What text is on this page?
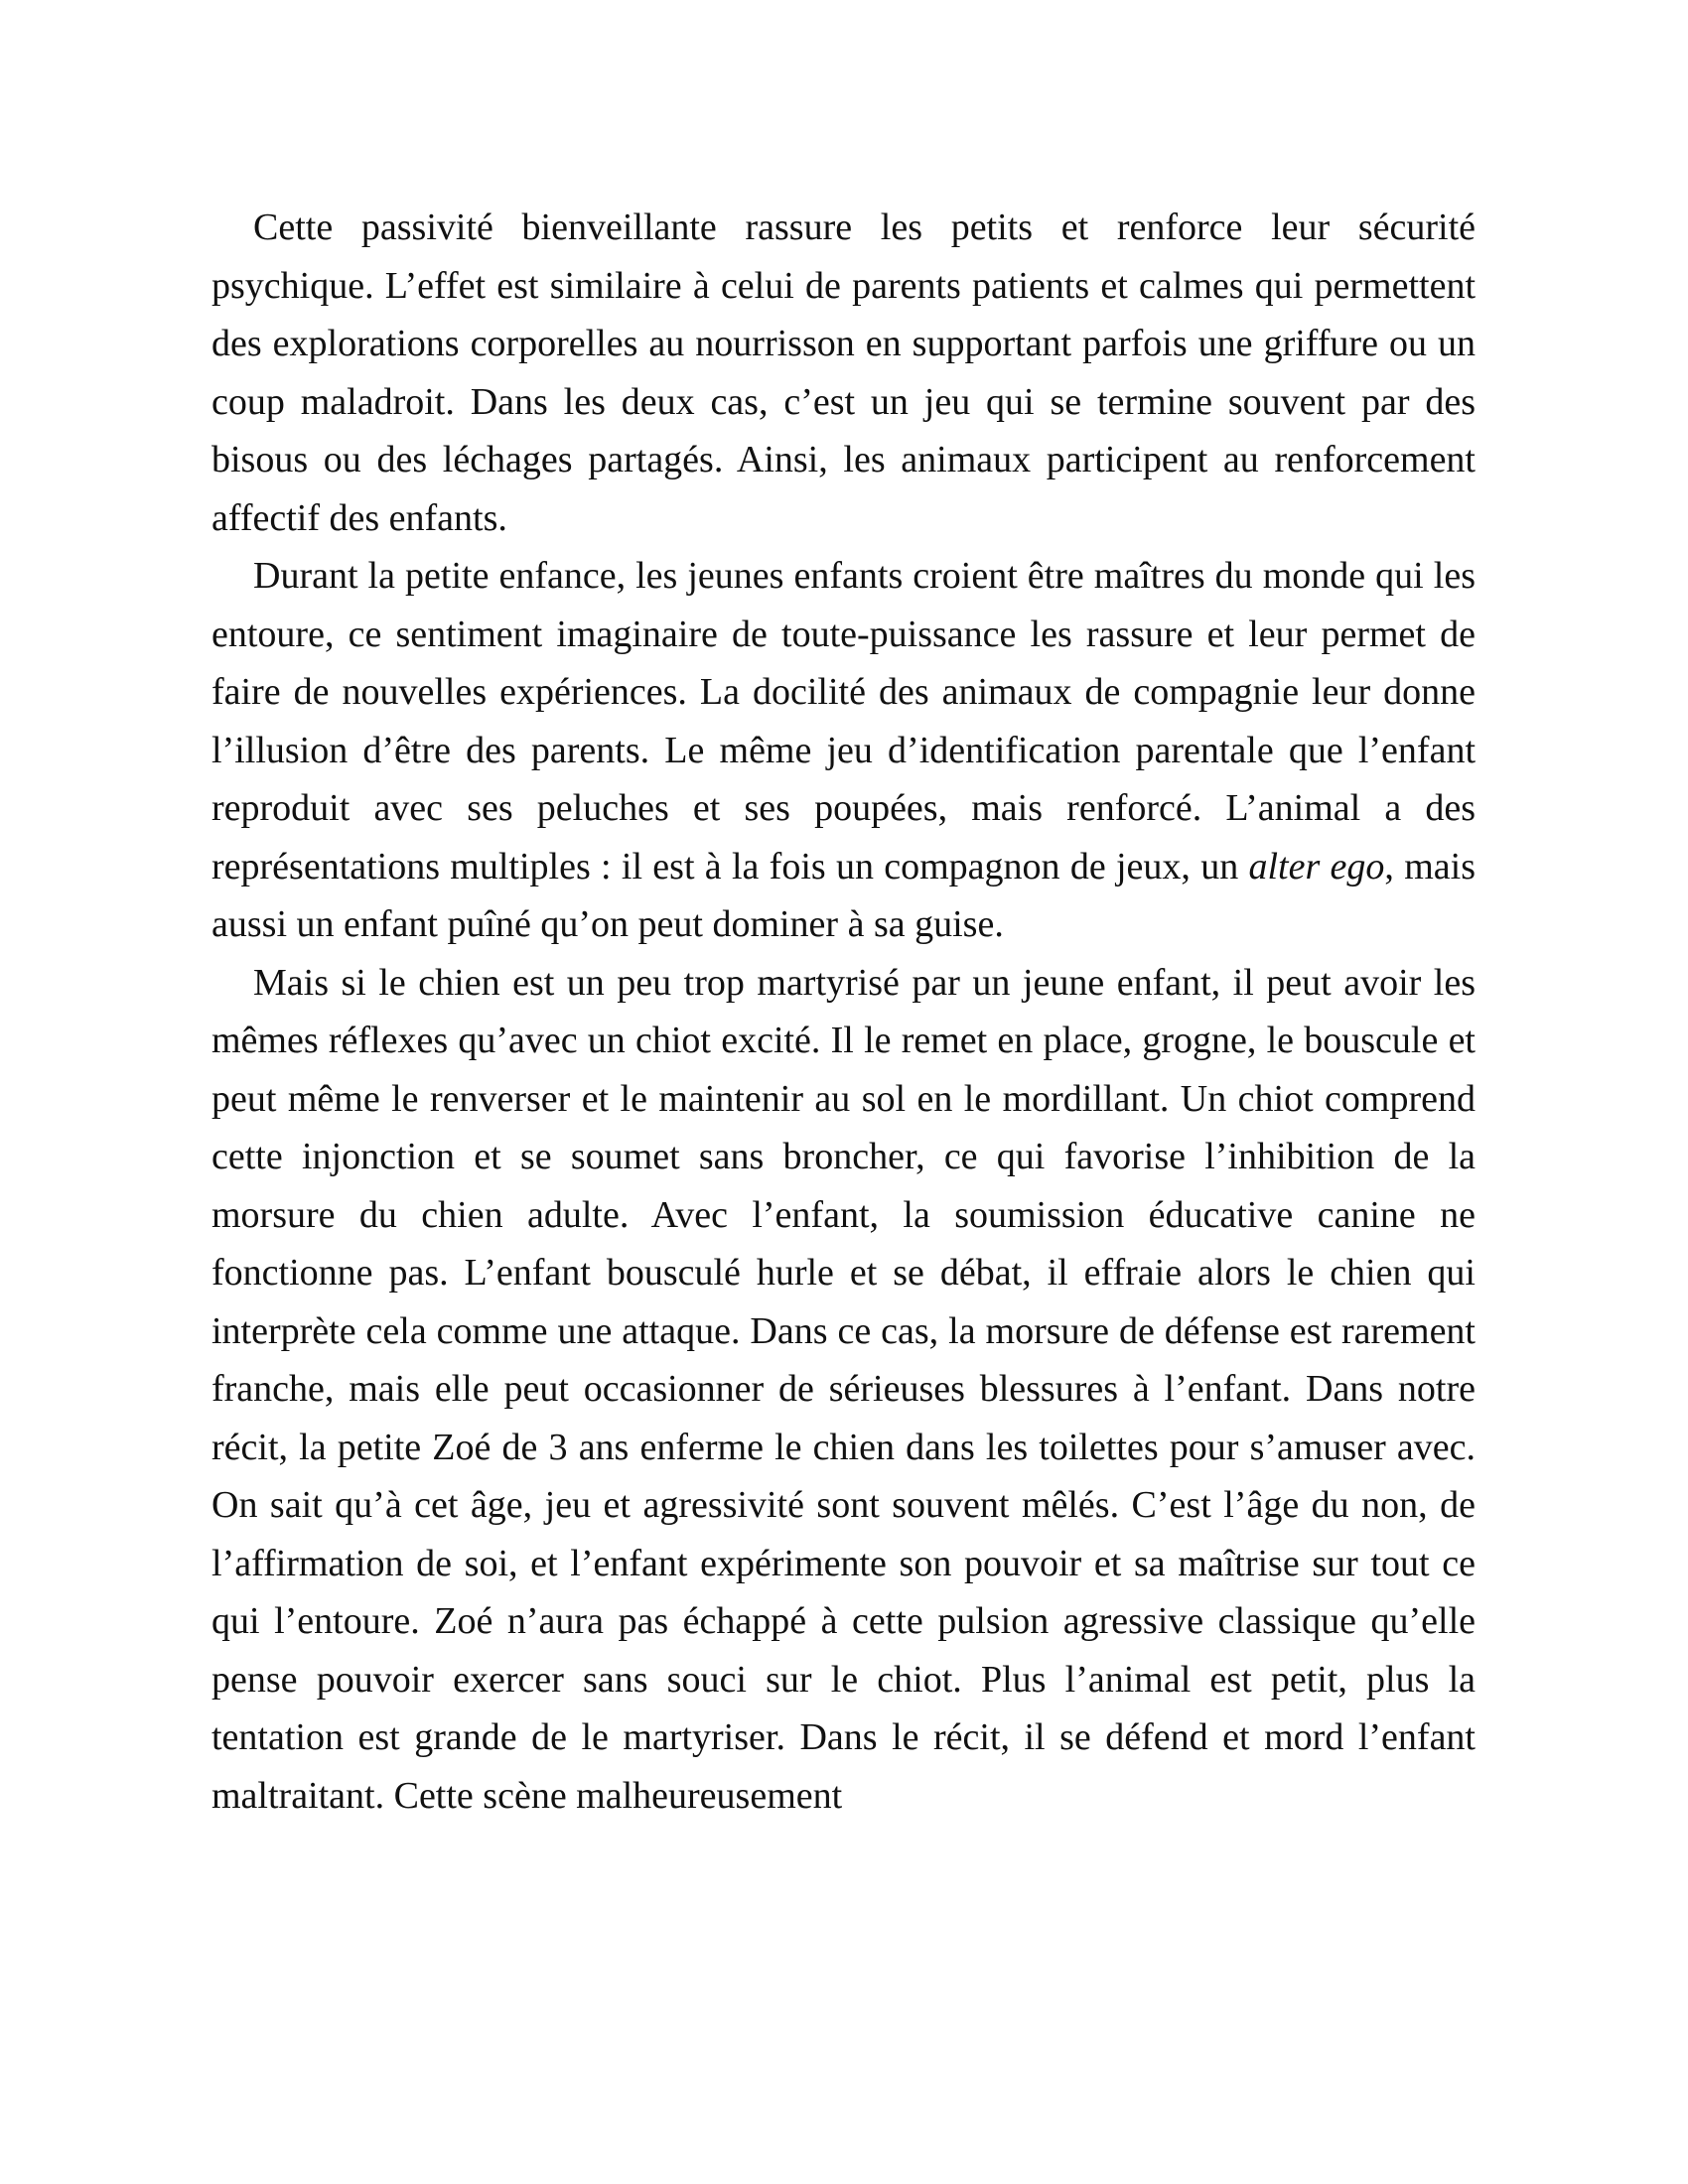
Cette passivité bienveillante rassure les petits et renforce leur sécurité psychique. L’effet est similaire à celui de parents patients et calmes qui permettent des explorations corporelles au nourrisson en supportant parfois une griffure ou un coup maladroit. Dans les deux cas, c’est un jeu qui se termine souvent par des bisous ou des léchages partagés. Ainsi, les animaux participent au renforcement affectif des enfants.

Durant la petite enfance, les jeunes enfants croient être maîtres du monde qui les entoure, ce sentiment imaginaire de toute-puissance les rassure et leur permet de faire de nouvelles expériences. La docilité des animaux de compagnie leur donne l’illusion d’être des parents. Le même jeu d’identification parentale que l’enfant reproduit avec ses peluches et ses poupées, mais renforcé. L’animal a des représentations multiples : il est à la fois un compagnon de jeux, un alter ego, mais aussi un enfant puîné qu’on peut dominer à sa guise.

Mais si le chien est un peu trop martyrisé par un jeune enfant, il peut avoir les mêmes réflexes qu’avec un chiot excité. Il le remet en place, grogne, le bouscule et peut même le renverser et le maintenir au sol en le mordillant. Un chiot comprend cette injonction et se soumet sans broncher, ce qui favorise l’inhibition de la morsure du chien adulte. Avec l’enfant, la soumission éducative canine ne fonctionne pas. L’enfant bousculé hurle et se débat, il effraie alors le chien qui interprète cela comme une attaque. Dans ce cas, la morsure de défense est rarement franche, mais elle peut occasionner de sérieuses blessures à l’enfant. Dans notre récit, la petite Zoé de 3 ans enferme le chien dans les toilettes pour s’amuser avec. On sait qu’à cet âge, jeu et agressivité sont souvent mêlés. C’est l’âge du non, de l’affirmation de soi, et l’enfant expérimente son pouvoir et sa maîtrise sur tout ce qui l’entoure. Zoé n’aura pas échappé à cette pulsion agressive classique qu’elle pense pouvoir exercer sans souci sur le chiot. Plus l’animal est petit, plus la tentation est grande de le martyriser. Dans le récit, il se défend et mord l’enfant maltraitant. Cette scène malheureusement
